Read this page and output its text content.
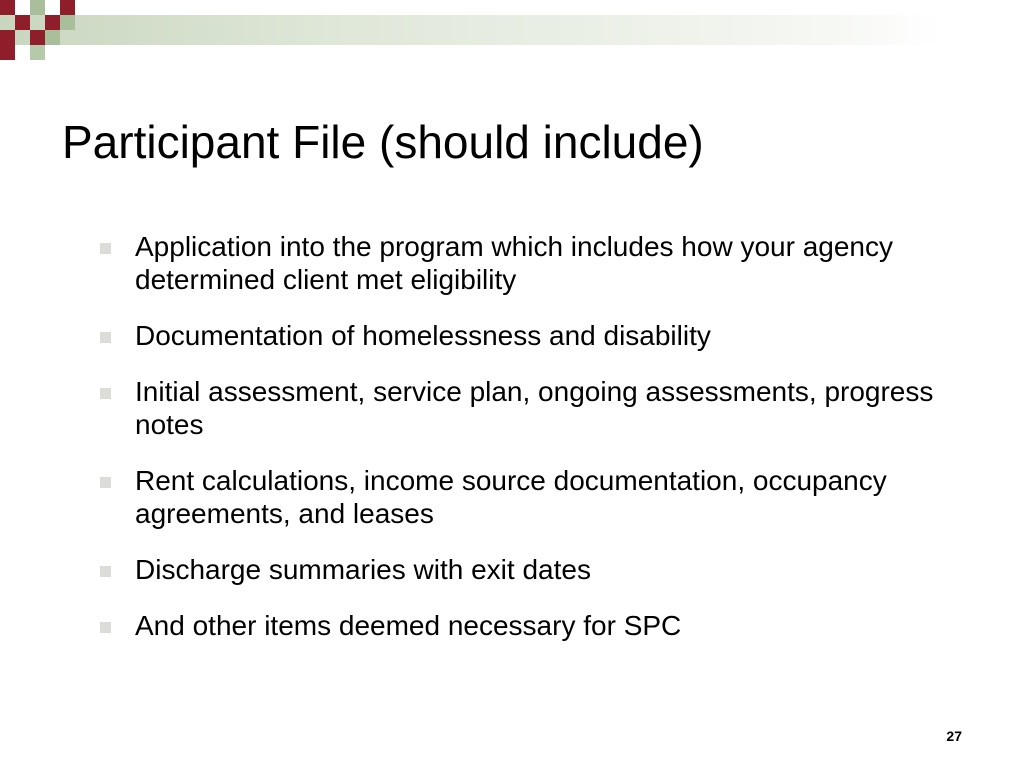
Participant File (should include)
Application into the program which includes how your agency determined client met eligibility
Documentation of homelessness and disability
Initial assessment, service plan, ongoing assessments, progress notes
Rent calculations, income source documentation, occupancy agreements, and leases
Discharge summaries with exit dates
And other items deemed necessary for SPC
27
